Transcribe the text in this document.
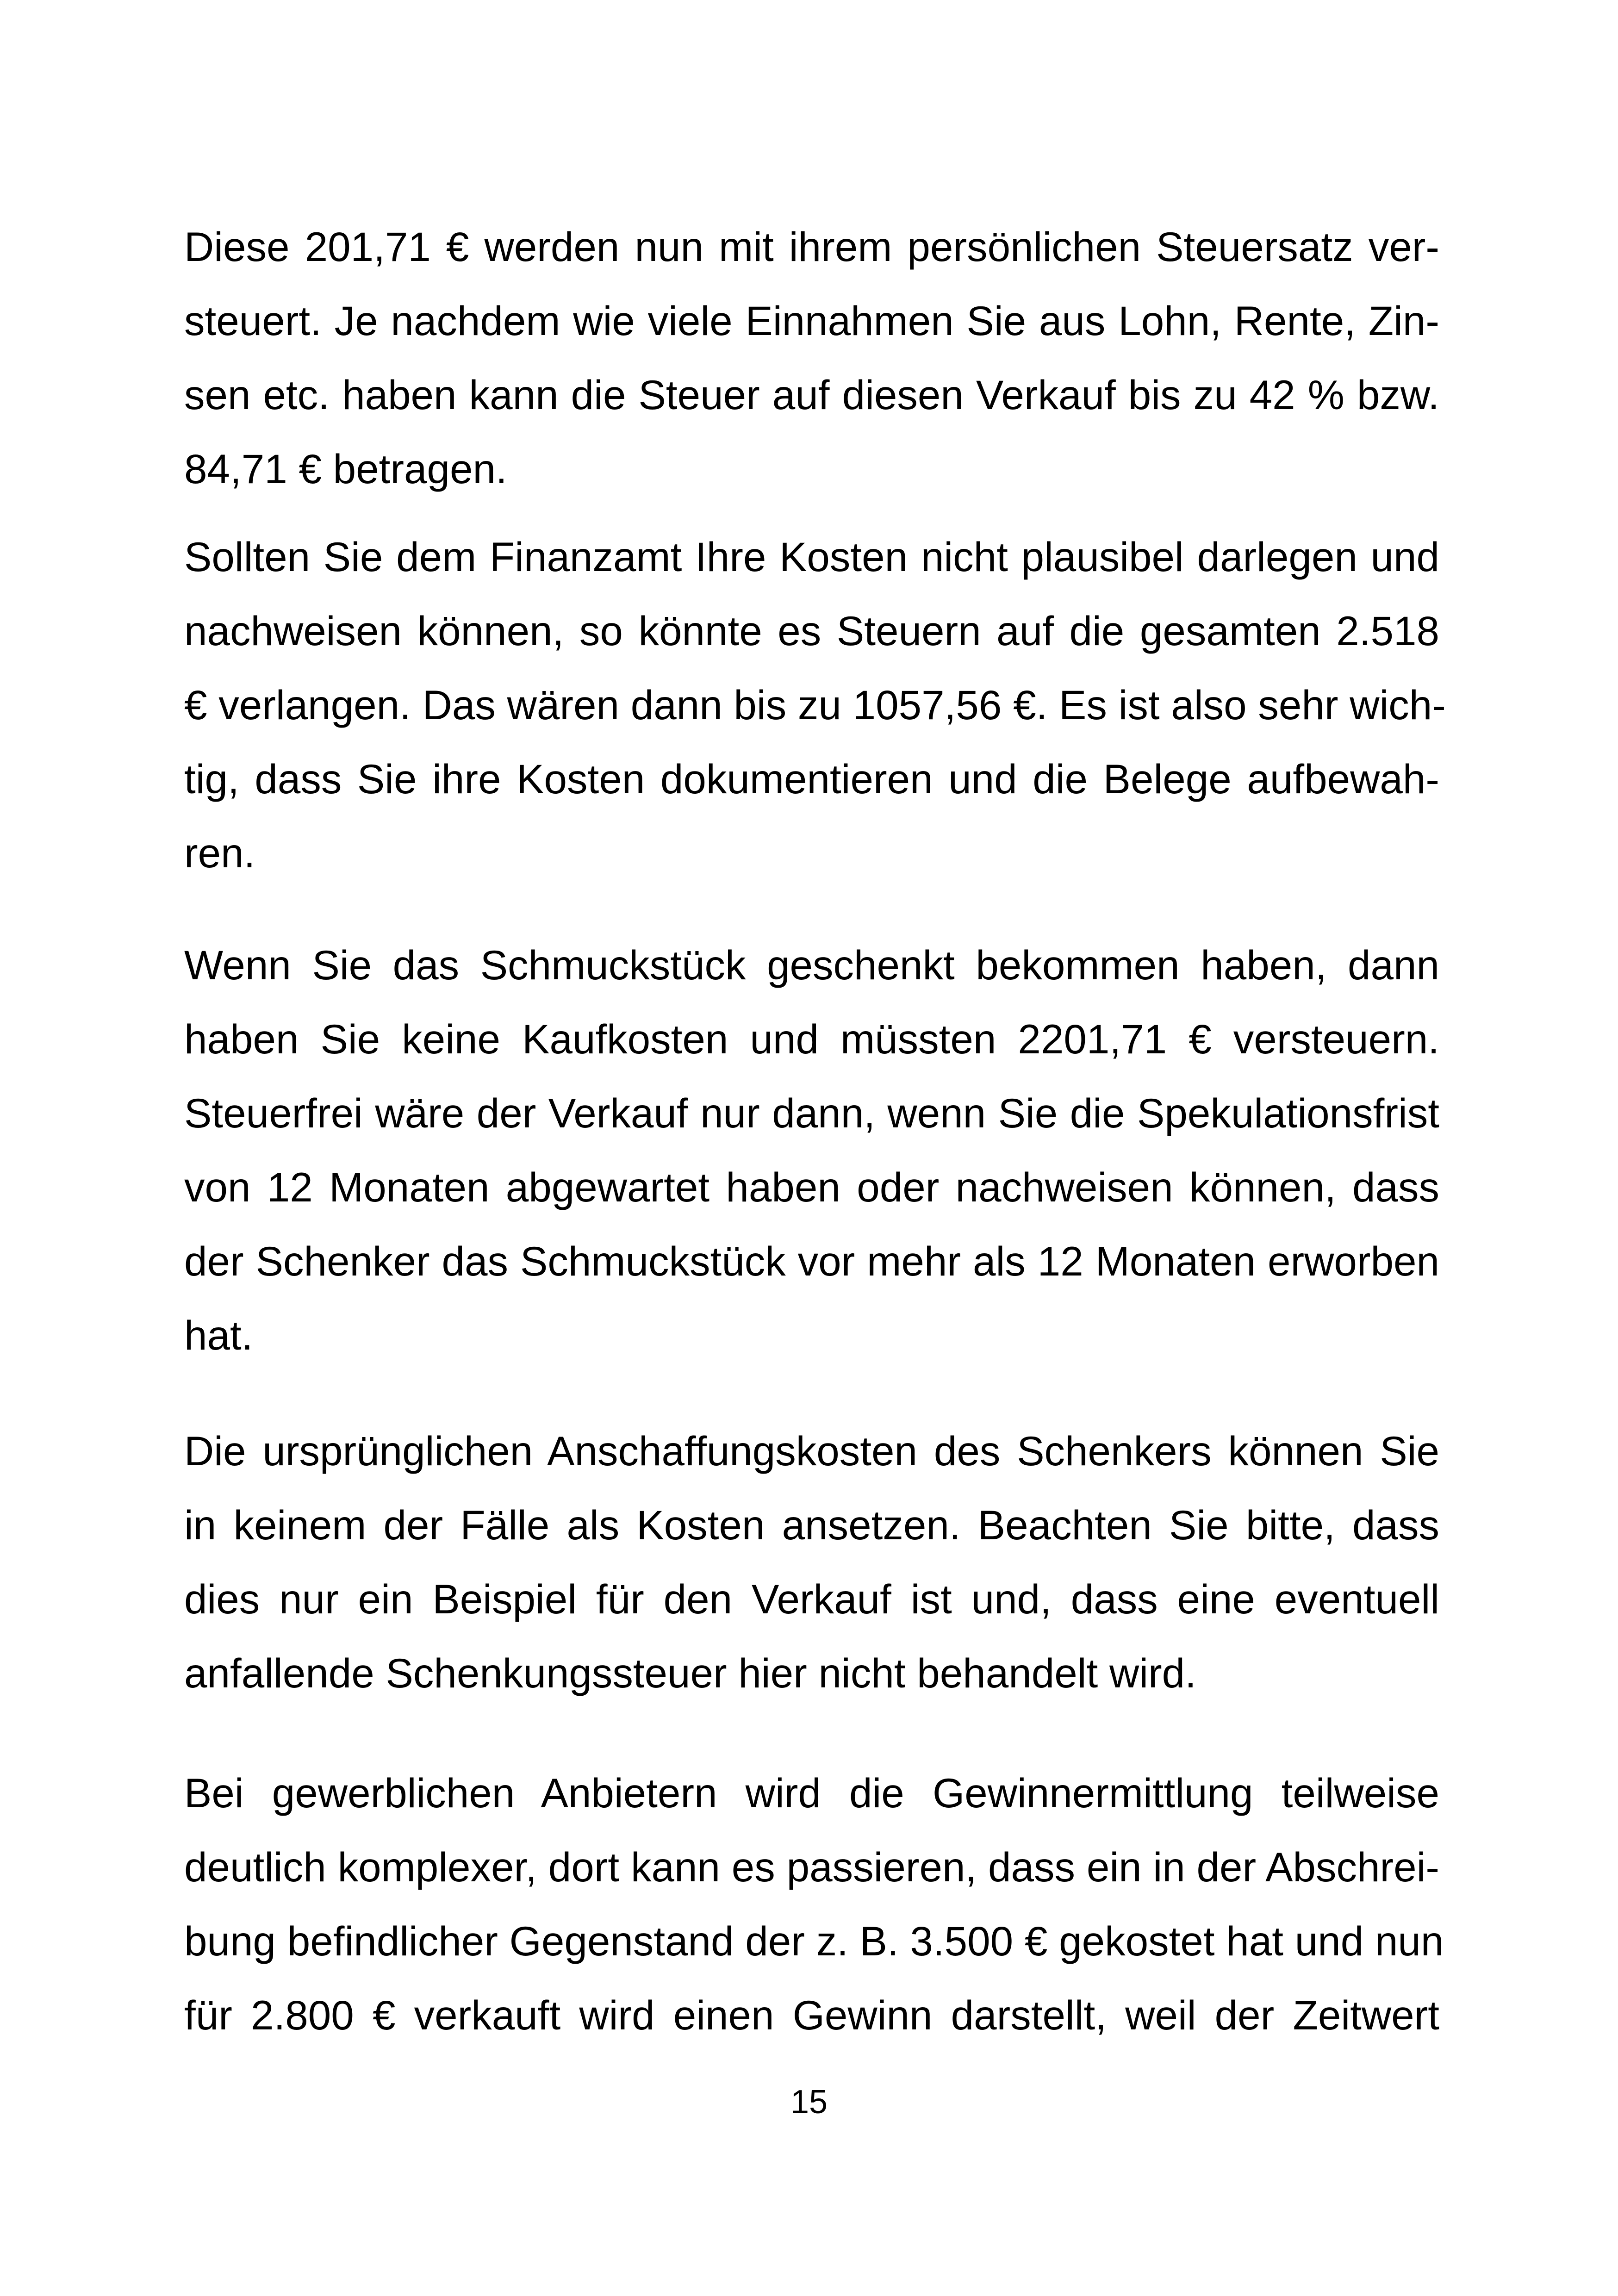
Diese 201,71 € werden nun mit ihrem persönlichen Steuersatz ver-
steuert. Je nachdem wie viele Einnahmen Sie aus Lohn, Rente, Zin-
sen etc. haben kann die Steuer auf diesen Verkauf bis zu 42 % bzw.
84,71 € betragen.
Sollten Sie dem Finanzamt Ihre Kosten nicht plausibel darlegen und
nachweisen können, so könnte es Steuern auf die gesamten 2.518
€ verlangen. Das wären dann bis zu 1057,56 €. Es ist also sehr wich-
tig, dass Sie ihre Kosten dokumentieren und die Belege aufbewah-
ren.
Wenn Sie das Schmuckstück geschenkt bekommen haben, dann
haben Sie keine Kaufkosten und müssten 2201,71 € versteuern.
Steuerfrei wäre der Verkauf nur dann, wenn Sie die Spekulationsfrist
von 12 Monaten abgewartet haben oder nachweisen können, dass
der Schenker das Schmuckstück vor mehr als 12 Monaten erworben
hat.
Die ursprünglichen Anschaffungskosten des Schenkers können Sie
in keinem der Fälle als Kosten ansetzen. Beachten Sie bitte, dass
dies nur ein Beispiel für den Verkauf ist und, dass eine eventuell
anfallende Schenkungssteuer hier nicht behandelt wird.
Bei gewerblichen Anbietern wird die Gewinnermittlung teilweise
deutlich komplexer, dort kann es passieren, dass ein in der Abschrei-
bung befindlicher Gegenstand der z. B. 3.500 € gekostet hat und nun
für 2.800 € verkauft wird einen Gewinn darstellt, weil der Zeitwert
15
